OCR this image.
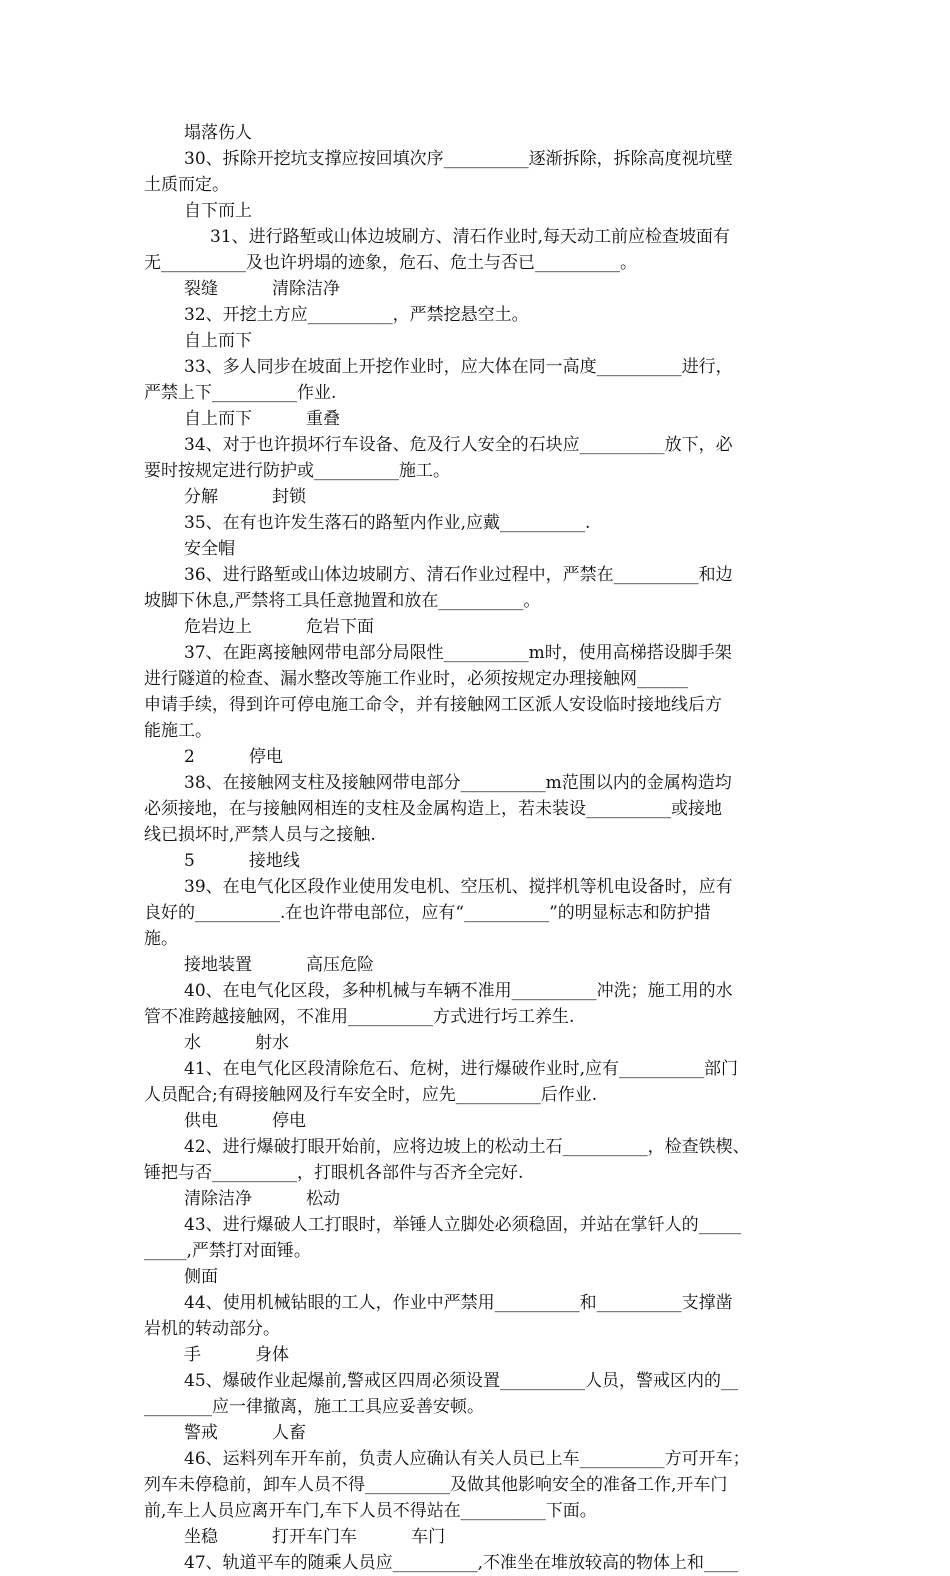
塌落伤人
30、拆除开挖坑支撑应按回填次序__________逐渐拆除，拆除高度视坑壁
土质而定。
自下而上
31、进行路堑或山体边坡刷方、清石作业时,每天动工前应检查坡面有
无__________及也许坍塌的迹象，危石、危土与否已__________。
裂缝          清除洁净
32、开挖土方应__________，严禁挖悬空土。
自上而下
33、多人同步在坡面上开挖作业时，应大体在同一高度__________进行，
严禁上下__________作业.
自上而下          重叠
34、对于也许损坏行车设备、危及行人安全的石块应__________放下，必
要时按规定进行防护或__________施工。
分解          封锁
35、在有也许发生落石的路堑内作业,应戴__________.
安全帽
36、进行路堑或山体边坡刷方、清石作业过程中，严禁在__________和边
坡脚下休息,严禁将工具任意抛置和放在__________。
危岩边上          危岩下面
37、在距离接触网带电部分局限性__________m时，使用高梯搭设脚手架
进行隧道的检查、漏水整改等施工作业时，必须按规定办理接触网______
申请手续，得到许可停电施工命令，并有接触网工区派人安设临时接地线后方
能施工。
2          停电
38、在接触网支柱及接触网带电部分__________m范围以内的金属构造均
必须接地，在与接触网相连的支柱及金属构造上，若未装设__________或接地
线已损坏时,严禁人员与之接触.
5          接地线
39、在电气化区段作业使用发电机、空压机、搅拌机等机电设备时，应有
良好的__________.在也许带电部位，应有“__________”的明显标志和防护措
施。
接地装置          高压危险
40、在电气化区段，多种机械与车辆不准用__________冲洗；施工用的水
管不准跨越接触网，不准用__________方式进行圬工养生.
水          射水
41、在电气化区段清除危石、危树，进行爆破作业时,应有__________部门
人员配合;有碍接触网及行车安全时，应先__________后作业.
供电          停电
42、进行爆破打眼开始前，应将边坡上的松动土石__________，检查铁楔、
锤把与否__________，打眼机各部件与否齐全完好.
清除洁净          松动
43、进行爆破人工打眼时，举锤人立脚处必须稳固，并站在掌钎人的_____
_____,严禁打对面锤。
侧面
44、使用机械钻眼的工人，作业中严禁用__________和__________支撑凿
岩机的转动部分。
手          身体
45、爆破作业起爆前,警戒区四周必须设置__________人员，警戒区内的__
________应一律撤离，施工工具应妥善安顿。
警戒          人畜
46、运料列车开车前，负责人应确认有关人员已上车__________方可开车；
列车未停稳前，卸车人员不得__________及做其他影响安全的准备工作,开车门
前,车上人员应离开车门,车下人员不得站在__________下面。
坐稳          打开车门车          车门
47、轨道平车的随乘人员应__________,不准坐在堆放较高的物体上和____
